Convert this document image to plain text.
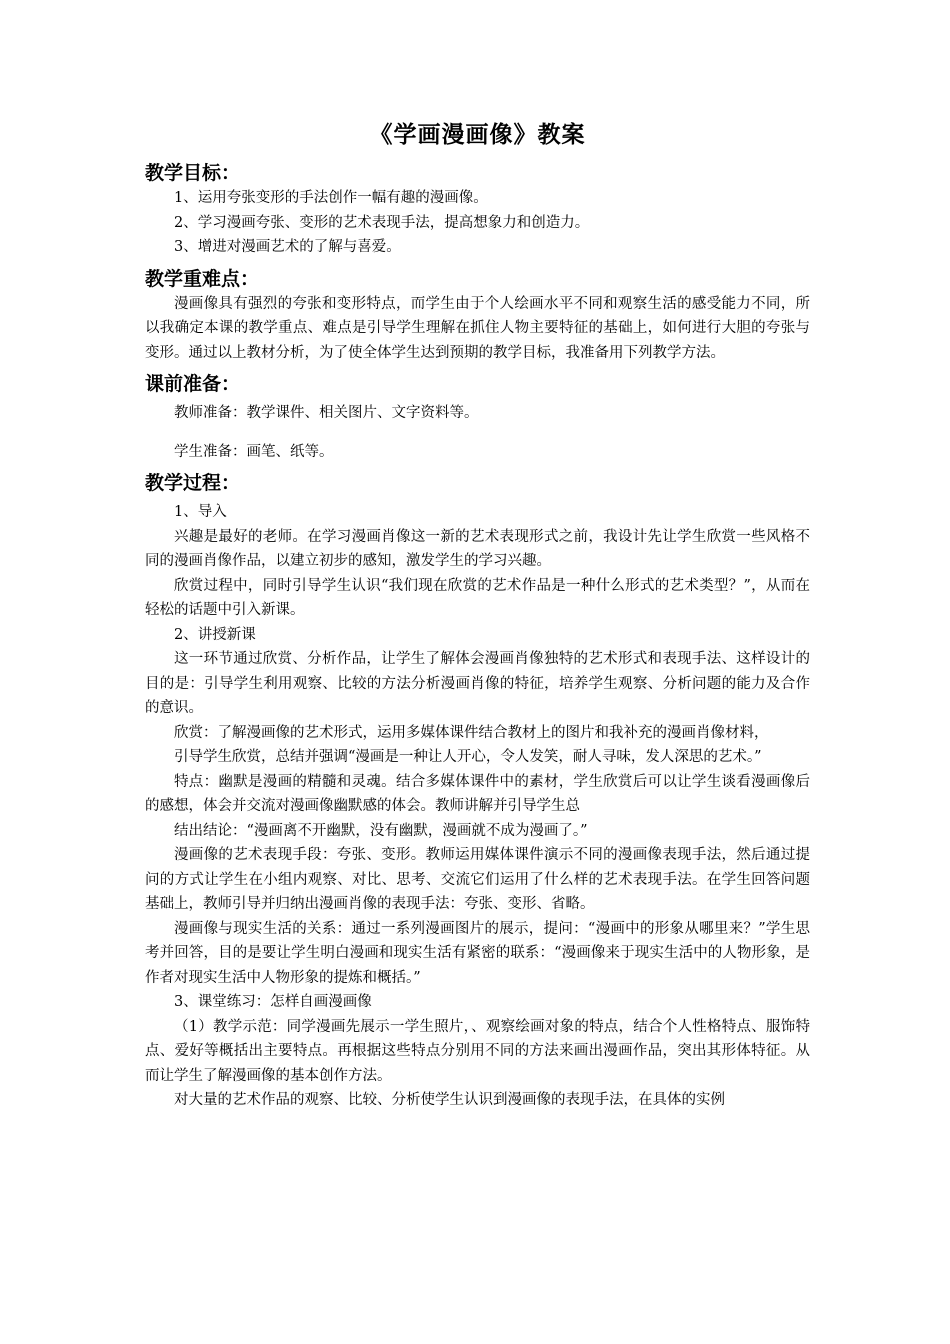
《学画漫画像》教案
教学目标：
1、运用夸张变形的手法创作一幅有趣的漫画像。
2、学习漫画夸张、变形的艺术表现手法，提高想象力和创造力。
3、增进对漫画艺术的了解与喜爱。
教学重难点：
漫画像具有强烈的夸张和变形特点，而学生由于个人绘画水平不同和观察生活的感受能力不同，所以我确定本课的教学重点、难点是引导学生理解在抓住人物主要特征的基础上，如何进行大胆的夸张与变形。通过以上教材分析，为了使全体学生达到预期的教学目标，我准备用下列教学方法。
课前准备：
教师准备：教学课件、相关图片、文字资料等。
学生准备：画笔、纸等。
教学过程：
1、导入
兴趣是最好的老师。在学习漫画肖像这一新的艺术表现形式之前，我设计先让学生欣赏一些风格不同的漫画肖像作品，以建立初步的感知，激发学生的学习兴趣。
欣赏过程中，同时引导学生认识“我们现在欣赏的艺术作品是一种什么形式的艺术类型？”，从而在轻松的话题中引入新课。
2、讲授新课
这一环节通过欣赏、分析作品，让学生了解体会漫画肖像独特的艺术形式和表现手法、这样设计的目的是：引导学生利用观察、比较的方法分析漫画肖像的特征，培养学生观察、分析问题的能力及合作的意识。
欣赏：了解漫画像的艺术形式，运用多媒体课件结合教材上的图片和我补充的漫画肖像材料，
引导学生欣赏，总结并强调“漫画是一种让人开心，令人发笑，耐人寻味，发人深思的艺术。”
特点：幽默是漫画的精髓和灵魂。结合多媒体课件中的素材，学生欣赏后可以让学生谈看漫画像后的感想，体会并交流对漫画像幽默感的体会。教师讲解并引导学生总
结出结论：“漫画离不开幽默，没有幽默，漫画就不成为漫画了。”
漫画像的艺术表现手段：夸张、变形。教师运用媒体课件演示不同的漫画像表现手法，然后通过提问的方式让学生在小组内观察、对比、思考、交流它们运用了什么样的艺术表现手法。在学生回答问题基础上，教师引导并归纳出漫画肖像的表现手法：夸张、变形、省略。
漫画像与现实生活的关系：通过一系列漫画图片的展示，提问：“漫画中的形象从哪里来？”学生思考并回答，目的是要让学生明白漫画和现实生活有紧密的联系：“漫画像来于现实生活中的人物形象，是作者对现实生活中人物形象的提炼和概括。”
3、课堂练习：怎样自画漫画像
（1）教学示范：同学漫画先展示一学生照片，、观察绘画对象的特点，结合个人性格特点、服饰特点、爱好等概括出主要特点。再根据这些特点分别用不同的方法来画出漫画作品，突出其形体特征。从而让学生了解漫画像的基本创作方法。
对大量的艺术作品的观察、比较、分析使学生认识到漫画像的表现手法，在具体的实例
